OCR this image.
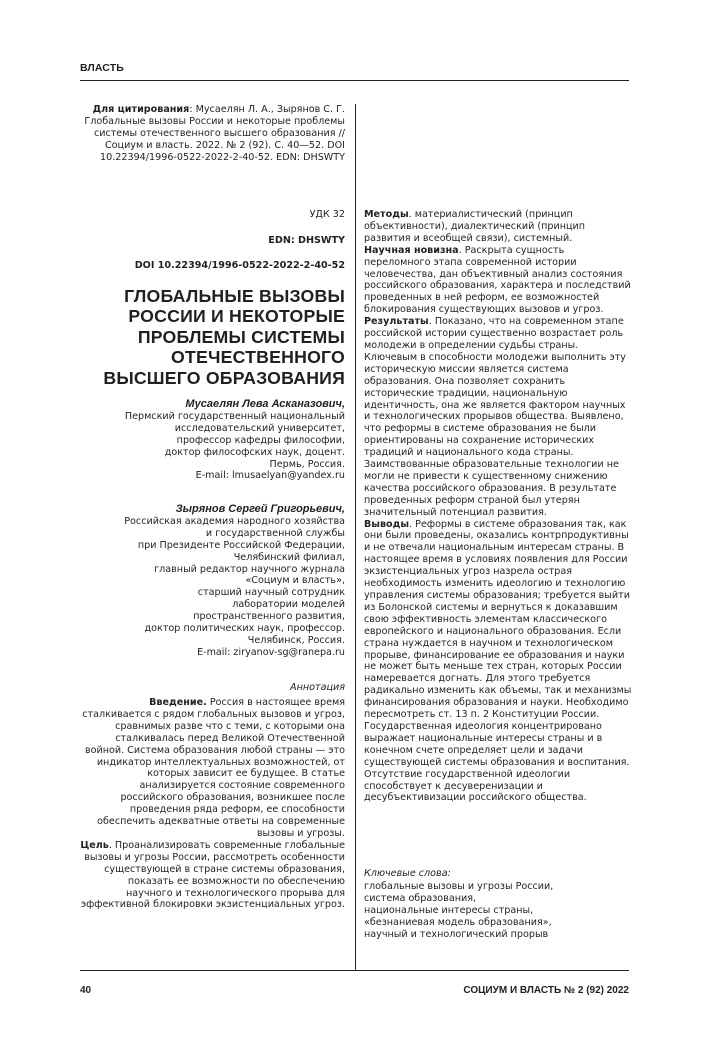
ВЛАСТЬ
Для цитирования: Мусаелян Л. А., Зырянов С. Г. Глобальные вызовы России и некоторые проблемы системы отечественного высшего образования // Социум и власть. 2022. № 2 (92). С. 40—52. DOI 10.22394/1996-0522-2022-2-40-52. EDN: DHSWTY
УДК 32
EDN: DHSWTY
DOI 10.22394/1996-0522-2022-2-40-52
ГЛОБАЛЬНЫЕ ВЫЗОВЫ
РОССИИ И НЕКОТОРЫЕ
ПРОБЛЕМЫ СИСТЕМЫ
ОТЕЧЕСТВЕННОГО
ВЫСШЕГО ОБРАЗОВАНИЯ
Мусаелян Лева Асканазович,
Пермский государственный национальный
исследовательский университет,
профессор кафедры философии,
доктор философских наук, доцент.
Пермь, Россия.
E-mail: lmusaelyan@yandex.ru
Зырянов Сергей Григорьевич,
Российская академия народного хозяйства
и государственной службы
при Президенте Российской Федерации,
Челябинский филиал,
главный редактор научного журнала
«Социум и власть»,
старший научный сотрудник
лаборатории моделей
пространственного развития,
доктор политических наук, профессор.
Челябинск, Россия.
E-mail: ziryanov-sg@ranepa.ru
Аннотация

Введение. Россия в настоящее время сталкивается с рядом глобальных вызовов и угроз, сравнимых разве что с теми, с которыми она сталкивалась перед Великой Отечественной войной. Система образования любой страны — это индикатор интеллектуальных возможностей, от которых зависит ее будущее. В статье анализируется состояние современного российского образования, возникшее после проведения ряда реформ, ее способности обеспечить адекватные ответы на современные вызовы и угрозы.

Цель. Проанализировать современные глобальные вызовы и угрозы России, рассмотреть особенности существующей в стране системы образования, показать ее возможности по обеспечению научного и технологического прорыва для эффективной блокировки экзистенциальных угроз.

Методы. материалистический (принцип объективности), диалектический (принцип развития и всеобщей связи), системный.

Научная новизна. Раскрыта сущность переломного этапа современной истории человечества, дан объективный анализ состояния российского образования, характера и последствий проведенных в ней реформ, ее возможностей блокирования существующих вызовов и угроз.

Результаты. Показано, что на современном этапе российской истории существенно возрастает роль молодежи в определении судьбы страны. Ключевым в способности молодежи выполнить эту историческую миссии является система образования. Она позволяет сохранить исторические традиции, национальную идентичность, она же является фактором научных и технологических прорывов общества. Выявлено, что реформы в системе образования не были ориентированы на сохранение исторических традиций и национального кода страны. Заимствованные образовательные технологии не могли не привести к существенному снижению качества российского образования. В результате проведенных реформ страной был утерян значительный потенциал развития.

Выводы. Реформы в системе образования так, как они были проведены, оказались контрпродуктивны и не отвечали национальным интересам страны. В настоящее время в условиях появления для России экзистенциальных угроз назрела острая необходимость изменить идеологию и технологию управления системы образования; требуется выйти из Болонской системы и вернуться к доказавшим свою эффективность элементам классического европейского и национального образования. Если страна нуждается в научном и технологическом прорыве, финансирование ее образования и науки не может быть меньше тех стран, которых России намеревается догнать. Для этого требуется радикально изменить как объемы, так и механизмы финансирования образования и науки. Необходимо пересмотреть ст. 13 п. 2 Конституции России. Государственная идеология концентрировано выражает национальные интересы страны и в конечном счете определяет цели и задачи существующей системы образования и воспитания. Отсутствие государственной идеологии способствует к десуверенизации и десубъективизации российского общества.

Ключевые слова:
глобальные вызовы и угрозы России,
система образования,
национальные интересы страны,
«безнаниевая модель образования»,
научный и технологический прорыв
40	СОЦИУМ И ВЛАСТЬ № 2 (92) 2022
